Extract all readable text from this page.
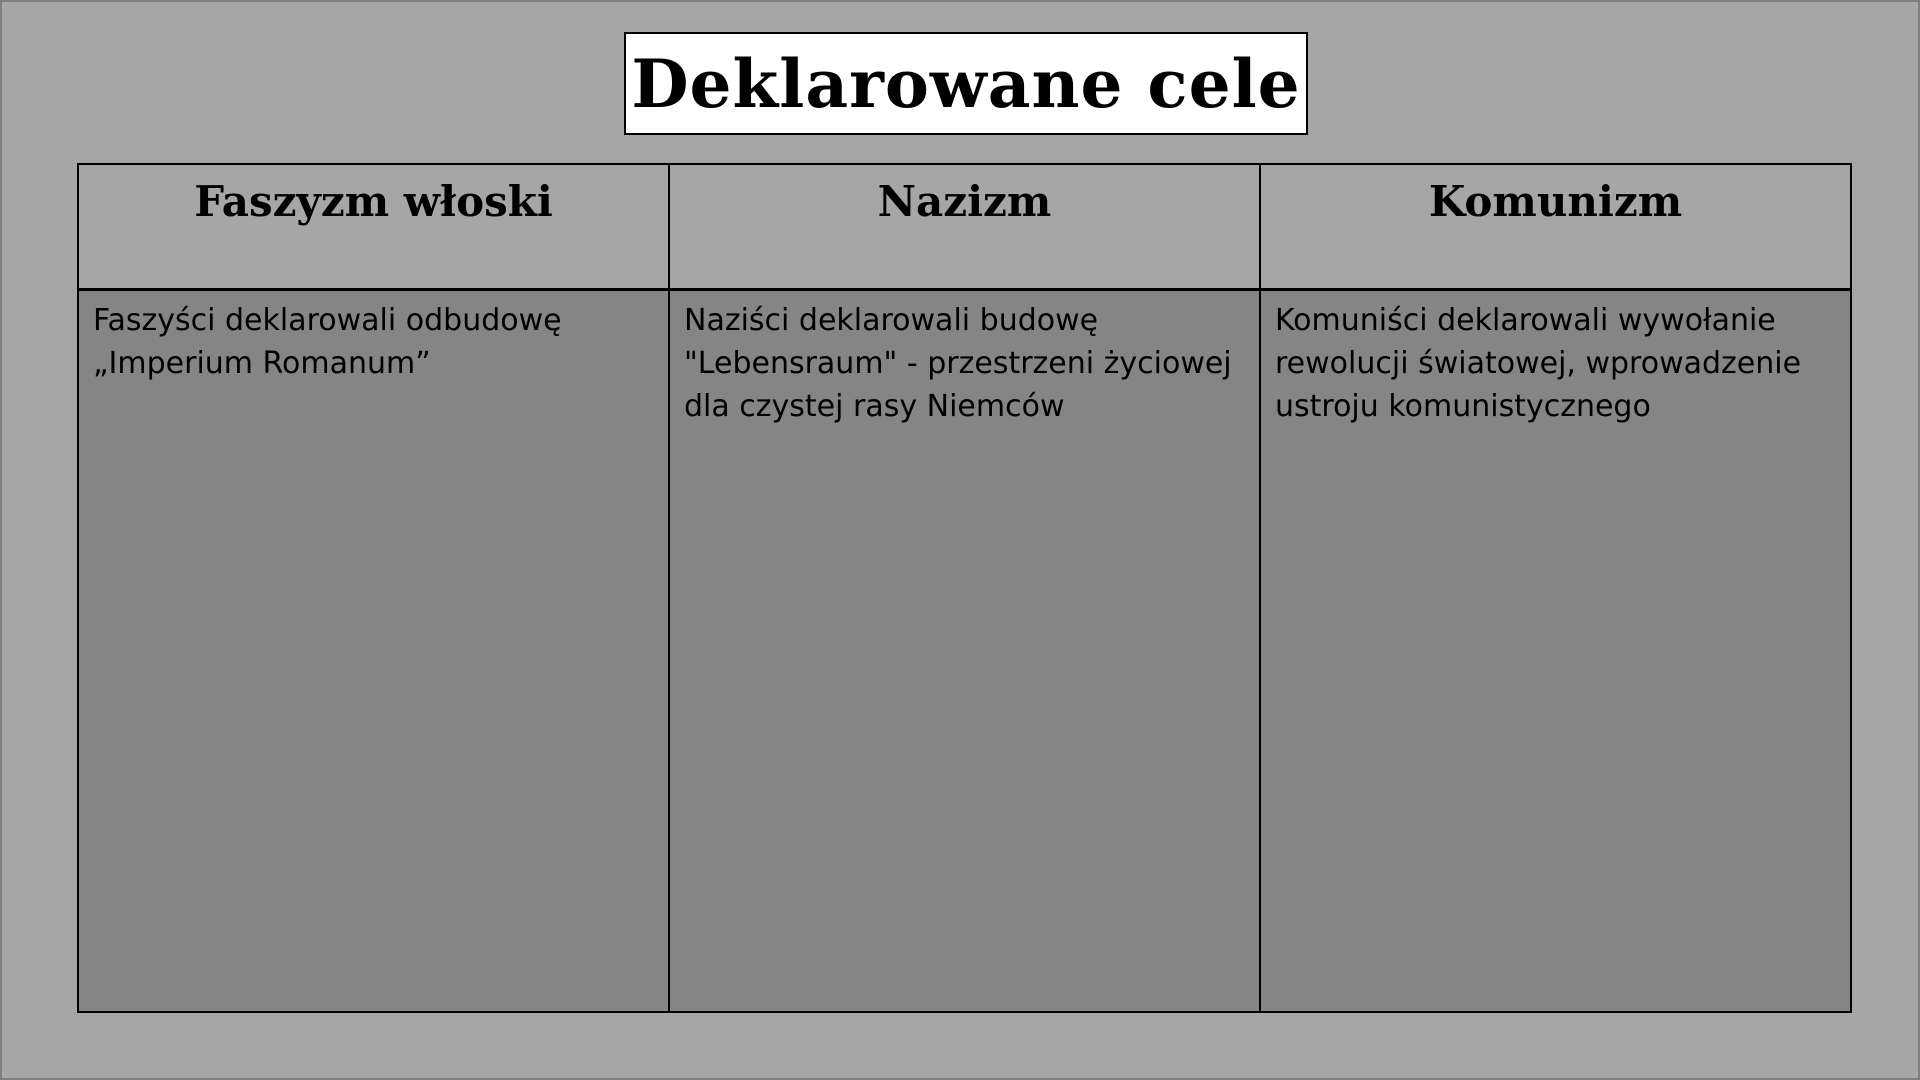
Deklarowane cele
Faszyzm włoski	Nazizm	Komunizm

Faszyści deklarowali odbudowę „Imperium Romanum”

Naziści deklarowali budowę "Lebensraum" - przestrzeni życiowej dla czystej rasy Niemców

Komuniści deklarowali wywołanie rewolucji światowej, wprowadzenie ustroju komunistycznego
